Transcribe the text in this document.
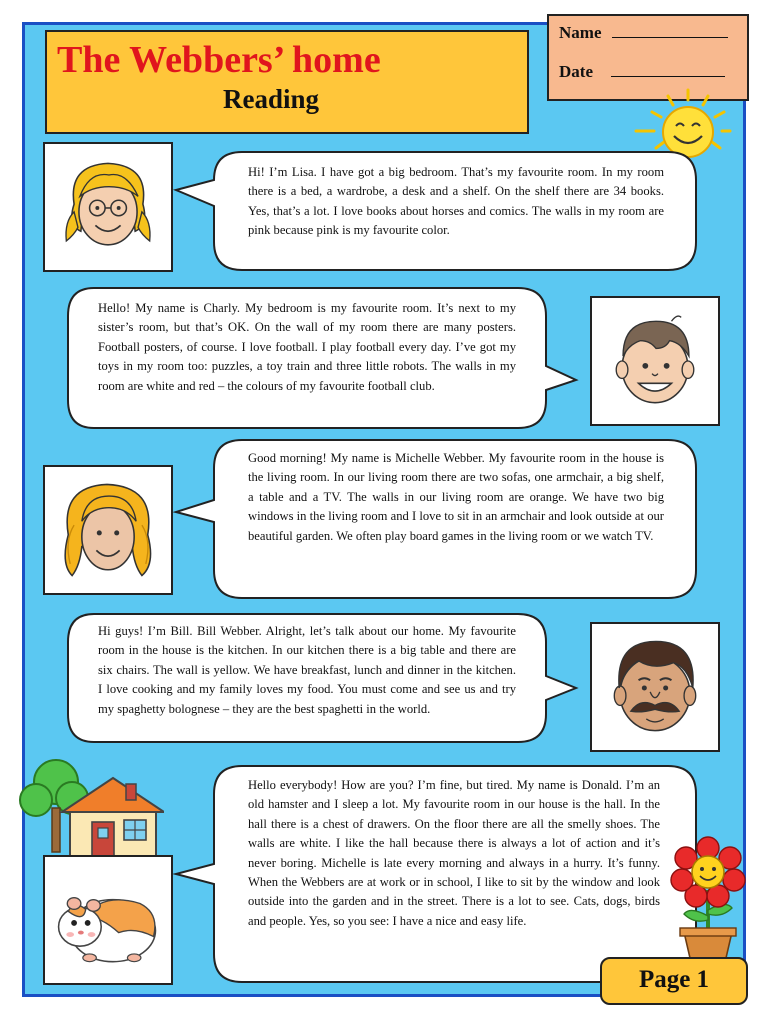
The Webbers’ home
Reading
Name
Date

Hi! I’m Lisa. I have got a big bedroom. That’s my favourite room. In my room there is a bed, a wardrobe, a desk and a shelf. On the shelf there are 34 books. Yes, that’s a lot. I love books about horses and comics. The walls in my room are pink because pink is my favourite color.

Hello! My name is Charly. My bedroom is my favourite room. It’s next to my sister’s room, but that’s OK. On the wall of my room there are many posters. Football posters, of course. I love football. I play football every day. I’ve got my toys in my room too: puzzles, a toy train and three little robots. The walls in my room are white and red – the colours of my favourite football club.

Good morning! My name is Michelle Webber. My favourite room in the house is the living room. In our living room there are two sofas, one armchair, a big shelf, a table and a TV. The walls in our living room are orange. We have two big windows in the living room and I love to sit in an armchair and look outside at our beautiful garden. We often play board games in the living room or we watch TV.

Hi guys! I’m Bill. Bill Webber. Alright, let’s talk about our home. My favourite room in the house is the kitchen. In our kitchen there is a big table and there are six chairs. The wall is yellow. We have breakfast, lunch and dinner in the kitchen. I love cooking and my family loves my food. You must come and see us and try my spaghetty bolognese – they are the best spaghetti in the world.

Hello everybody! How are you? I’m fine, but tired. My name is Donald. I’m an old hamster and I sleep a lot. My favourite room in our house is the hall. In the hall there is a chest of drawers. On the floor there are all the smelly shoes. The walls are white. I like the hall because there is always a lot of action and it’s never boring. Michelle is late every morning and always in a hurry. It’s funny. When the Webbers are at work or in school, I like to sit by the window and look outside into the garden and in the street. There is a lot to see. Cats, dogs, birds and people. Yes, so you see: I have a nice and easy life.

Page 1
